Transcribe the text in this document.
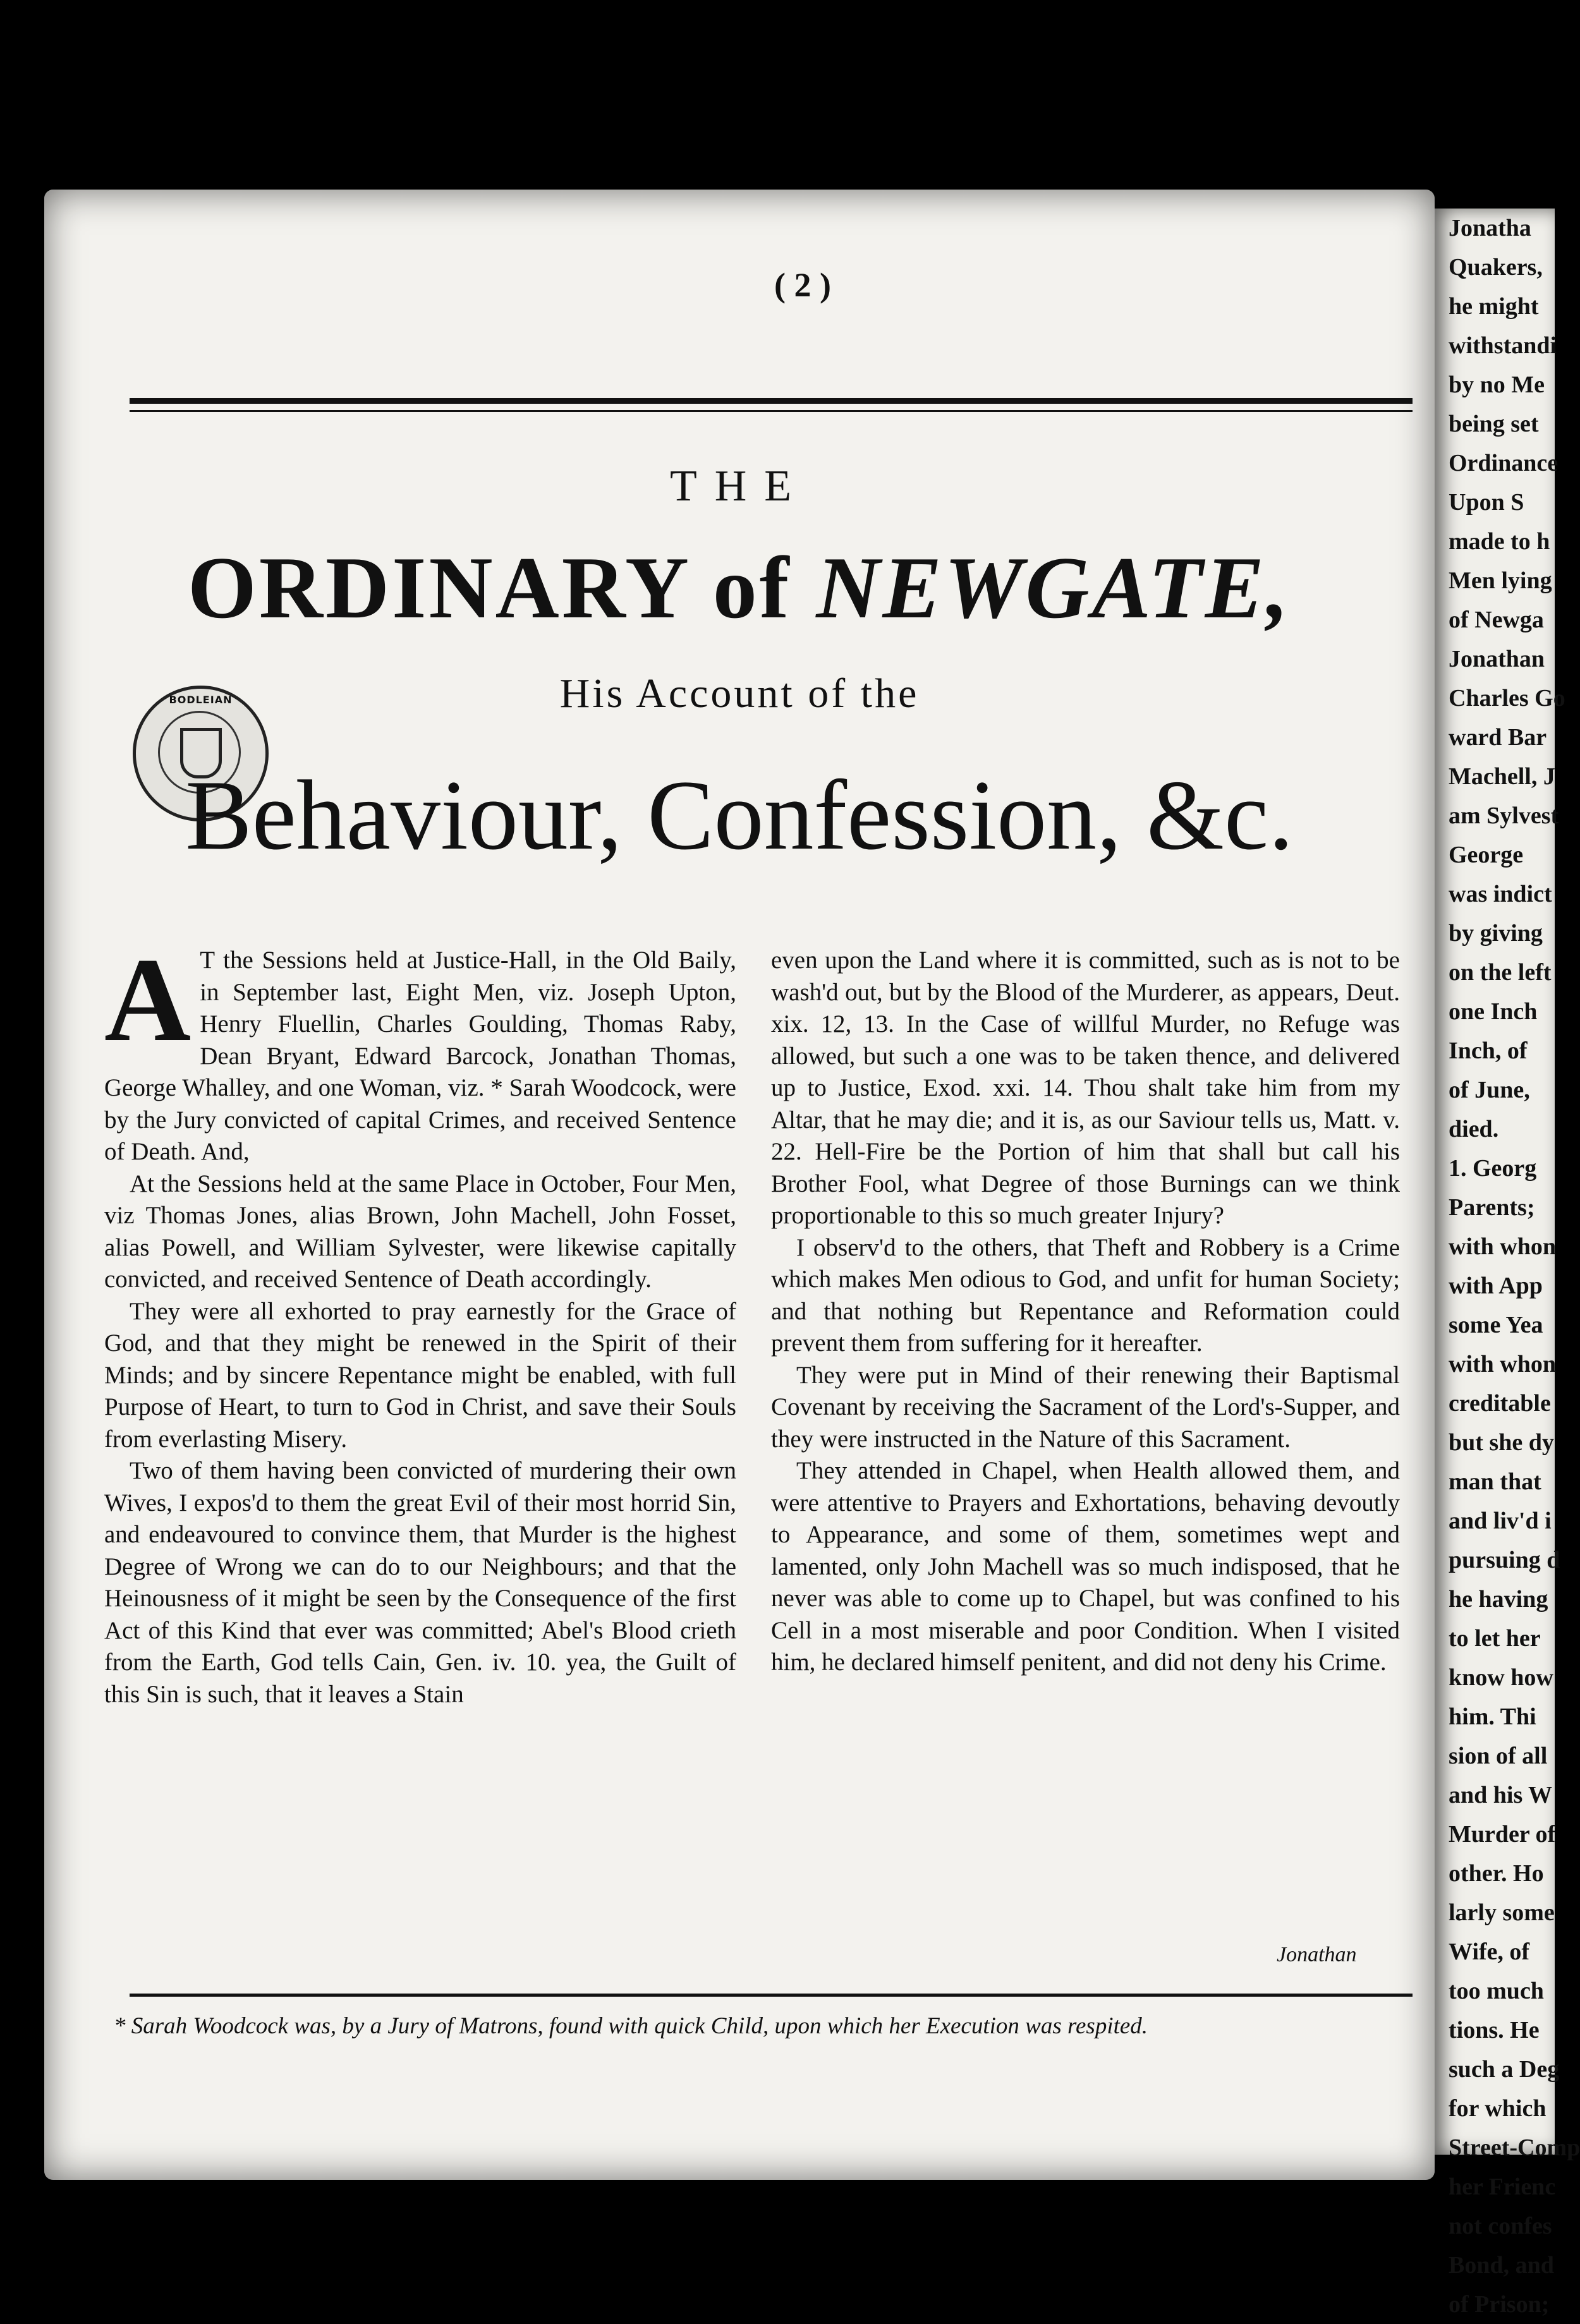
( 2 )
THE
ORDINARY of NEWGATE,
BODLEIAN	His Account of the
Behaviour, Confession, &c.

A T the Sessions held at Justice-Hall, in the Old Baily, in September last, Eight Men, viz. Joseph Upton, Henry Fluellin, Charles Goulding, Thomas Raby, Dean Bryant, Edward Barcock, Jonathan Thomas, George Whalley, and one Woman, viz. * Sarah Woodcock, were by the Jury convicted of capital Crimes, and received Sentence of Death. And,

At the Sessions held at the same Place in October, Four Men, viz Thomas Jones, alias Brown, John Machell, John Fosset, alias Powell, and William Sylvester, were likewise capitally convicted, and received Sentence of Death accordingly.

They were all exhorted to pray earnestly for the Grace of God, and that they might be renewed in the Spirit of their Minds; and by sincere Repentance might be enabled, with full Purpose of Heart, to turn to God in Christ, and save their Souls from everlasting Misery.

Two of them having been convicted of murdering their own Wives, I expos'd to them the great Evil of their most horrid Sin, and endeavoured to convince them, that Murder is the highest Degree of Wrong we can do to our Neighbours; and that the Heinousness of it might be seen by the Consequence of the first Act of this Kind that ever was committed; Abel's Blood crieth from the Earth, God tells Cain, Gen. iv. 10. yea, the Guilt of this Sin is such, that it leaves a Stain

even upon the Land where it is committed, such as is not to be wash'd out, but by the Blood of the Murderer, as appears, Deut. xix. 12, 13. In the Case of willful Murder, no Refuge was allowed, but such a one was to be taken thence, and delivered up to Justice, Exod. xxi. 14. Thou shalt take him from my Altar, that he may die; and it is, as our Saviour tells us, Matt. v. 22. Hell-Fire be the Portion of him that shall but call his Brother Fool, what Degree of those Burnings can we think proportionable to this so much greater Injury?

I observ'd to the others, that Theft and Robbery is a Crime which makes Men odious to God, and unfit for human Society; and that nothing but Repentance and Reformation could prevent them from suffering for it hereafter.

They were put in Mind of their renewing their Baptismal Covenant by receiving the Sacrament of the Lord's-Supper, and they were instructed in the Nature of this Sacrament.

They attended in Chapel, when Health allowed them, and were attentive to Prayers and Exhortations, behaving devoutly to Appearance, and some of them, sometimes wept and lamented, only John Machell was so much indisposed, that he never was able to come up to Chapel, but was confined to his Cell in a most miserable and poor Condition. When I visited him, he declared himself penitent, and did not deny his Crime.

Jonathan
* Sarah Woodcock was, by a Jury of Matrons, found with quick Child, upon which her Execution was respited.
Jonatha
Quakers,
he might
withstandi
by no Me
being set
Ordinance
Upon S
made to h
Men lying
of Newga
Jonathan
Charles Go
ward Bar
Machell, J
am Sylvest
George
was indict
by giving
on the left
one Inch
Inch, of
of June,
died.
1. Georg
Parents;
with whon
with App
some Yea
with whon
creditable
but she dy
man that
and liv'd i
pursuing d
he having
to let her
know how
him. Thi
sion of all
and his W
Murder of
other. Ho
larly some
Wife, of
too much
tions. He
such a Deg
for which
Street-Comp
her Frienc
not confes
Bond, and
of Prison;
